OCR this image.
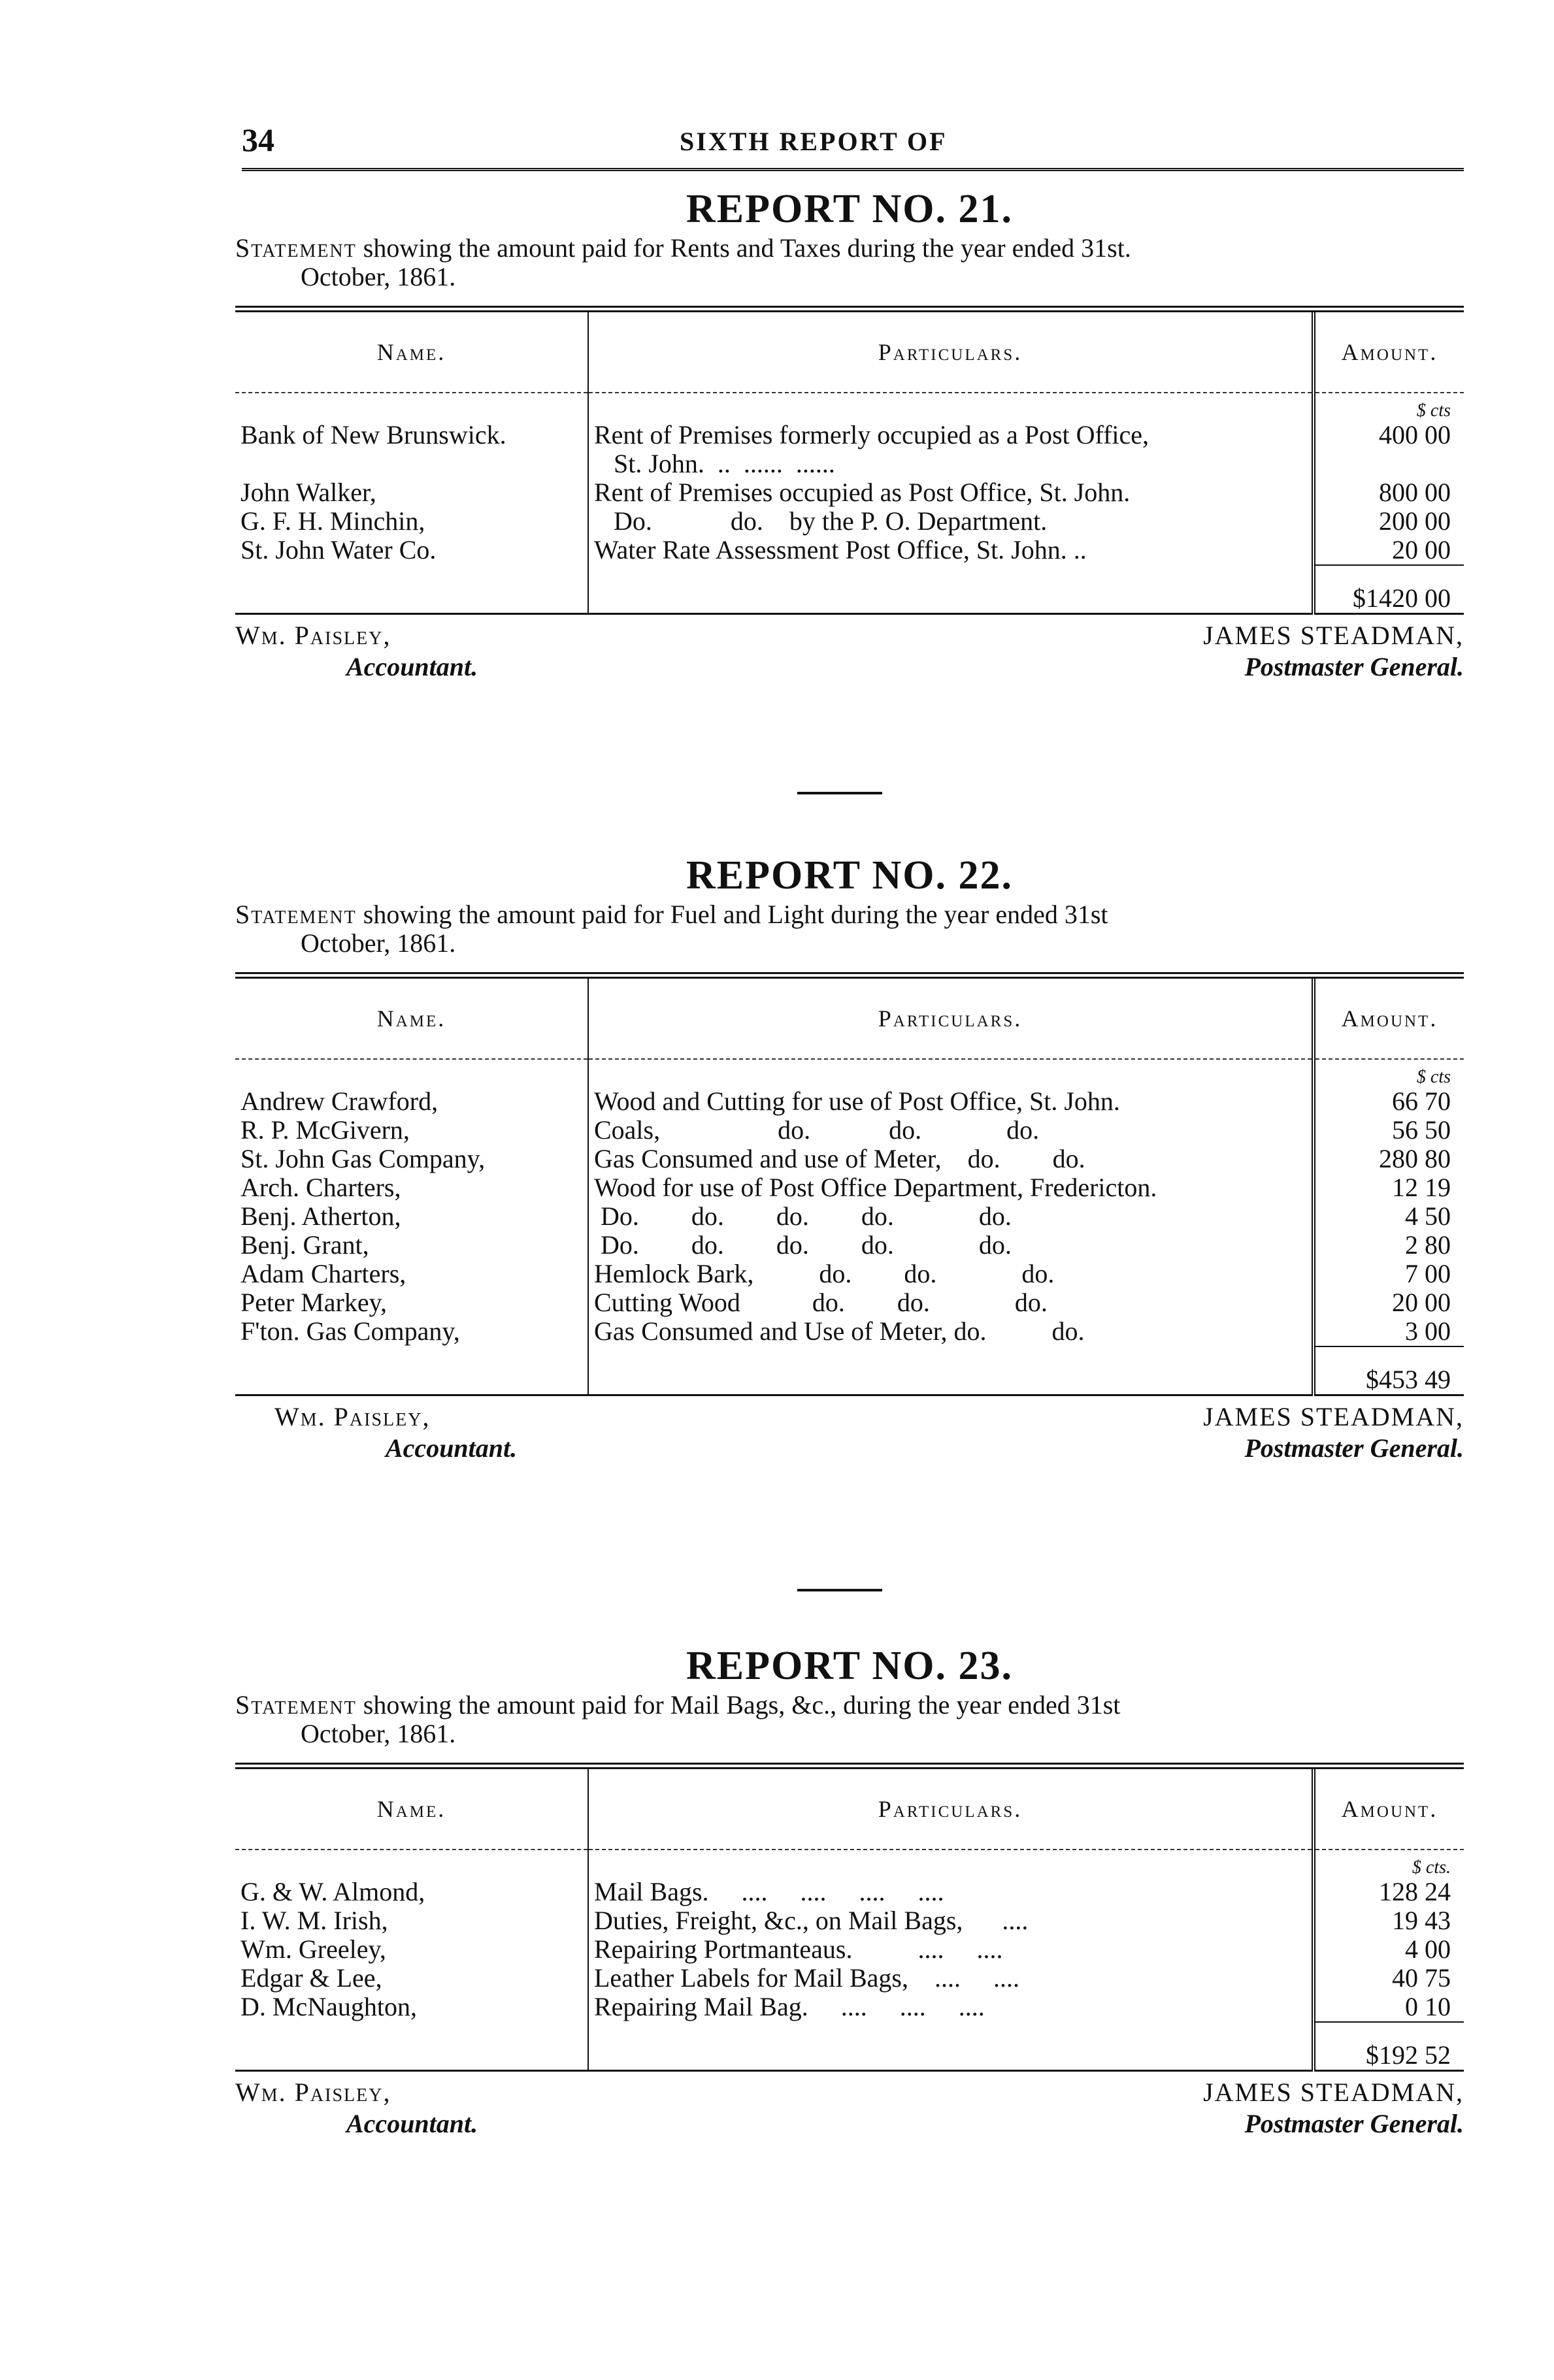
34	SIXTH REPORT OF
REPORT NO. 21.

Statement showing the amount paid for Rents and Taxes during the year ended 31st.
October, 1861.

Name.	Particulars.	Amount.
		$ cts
Bank of New Brunswick.	Rent of Premises formerly occupied as a Post Office,	400 00
	St. John.  ..  ......  ......	
John Walker,	Rent of Premises occupied as Post Office, St. John.	800 00
G. F. H. Minchin,	Do.            do.    by the P. O. Department.	200 00
St. John Water Co.	Water Rate Assessment Post Office, St. John. ..	20 00
		$1420 00
Wm. Paisley,
Accountant.
JAMES STEADMAN,
Postmaster General.
REPORT NO. 22.

Statement showing the amount paid for Fuel and Light during the year ended 31st
October, 1861.

Name.	Particulars.	Amount.
		$ cts
Andrew Crawford,	Wood and Cutting for use of Post Office, St. John.	66 70
R. P. McGivern,	Coals,                  do.            do.             do.	56 50
St. John Gas Company,	Gas Consumed and use of Meter,    do.        do.	280 80
Arch. Charters,	Wood for use of Post Office Department, Fredericton.	12 19
Benj. Atherton,	Do.        do.        do.        do.             do.	4 50
Benj. Grant,	Do.        do.        do.        do.             do.	2 80
Adam Charters,	Hemlock Bark,          do.        do.             do.	7 00
Peter Markey,	Cutting Wood           do.        do.             do.	20 00
F'ton. Gas Company,	Gas Consumed and Use of Meter, do.          do.	3 00
		$453 49
Wm. Paisley,
Accountant.
JAMES STEADMAN,
Postmaster General.
REPORT NO. 23.

Statement showing the amount paid for Mail Bags, &c., during the year ended 31st
October, 1861.

Name.	Particulars.	Amount.
		$ cts.
G. & W. Almond,	Mail Bags.     ....     ....     ....     ....	128 24
I. W. M. Irish,	Duties, Freight, &c., on Mail Bags,      ....	19 43
Wm. Greeley,	Repairing Portmanteaus.          ....     ....	4 00
Edgar & Lee,	Leather Labels for Mail Bags,    ....     ....	40 75
D. McNaughton,	Repairing Mail Bag.     ....     ....     ....	0 10
		$192 52
Wm. Paisley,
Accountant.
JAMES STEADMAN,
Postmaster General.
